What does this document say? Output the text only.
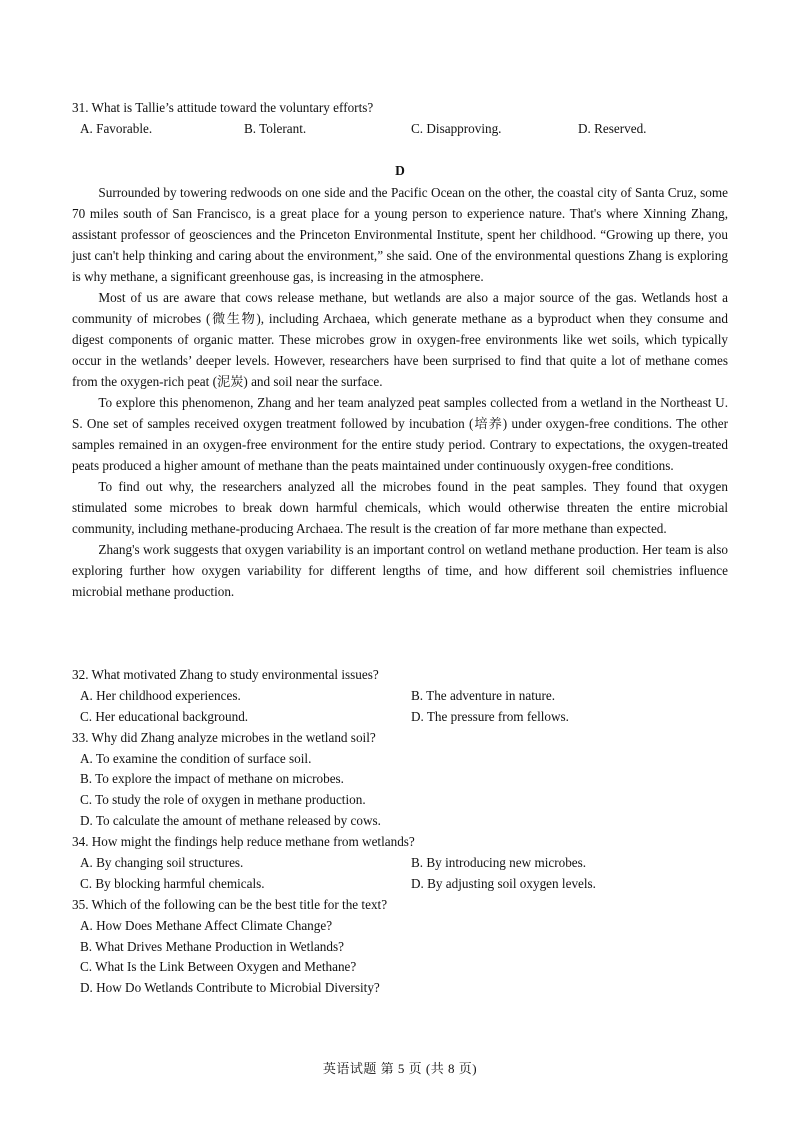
31. What is Tallie’s attitude toward the voluntary efforts?
A. Favorable.	B. Tolerant.	C. Disapproving.	D. Reserved.
D

Surrounded by towering redwoods on one side and the Pacific Ocean on the other, the coastal city of Santa Cruz, some 70 miles south of San Francisco, is a great place for a young person to experience nature. That's where Xinning Zhang, assistant professor of geosciences and the Princeton Environmental Institute, spent her childhood. “Growing up there, you just can't help thinking and caring about the environment,” she said. One of the environmental questions Zhang is exploring is why methane, a significant greenhouse gas, is increasing in the atmosphere.

Most of us are aware that cows release methane, but wetlands are also a major source of the gas. Wetlands host a community of microbes (微生物), including Archaea, which generate methane as a byproduct when they consume and digest components of organic matter. These microbes grow in oxygen-free environments like wet soils, which typically occur in the wetlands’ deeper levels. However, researchers have been surprised to find that quite a lot of methane comes from the oxygen-rich peat (泥炭) and soil near the surface.

To explore this phenomenon, Zhang and her team analyzed peat samples collected from a wetland in the Northeast U. S. One set of samples received oxygen treatment followed by incubation (培养) under oxygen-free conditions. The other samples remained in an oxygen-free environment for the entire study period. Contrary to expectations, the oxygen-treated peats produced a higher amount of methane than the peats maintained under continuously oxygen-free conditions.

To find out why, the researchers analyzed all the microbes found in the peat samples. They found that oxygen stimulated some microbes to break down harmful chemicals, which would otherwise threaten the entire microbial community, including methane-producing Archaea. The result is the creation of far more methane than expected.

Zhang's work suggests that oxygen variability is an important control on wetland methane production. Her team is also exploring further how oxygen variability for different lengths of time, and how different soil chemistries influence microbial methane production.

32. What motivated Zhang to study environmental issues?
A. Her childhood experiences.	B. The adventure in nature.
C. Her educational background.	D. The pressure from fellows.
33. Why did Zhang analyze microbes in the wetland soil?
A. To examine the condition of surface soil.
B. To explore the impact of methane on microbes.
C. To study the role of oxygen in methane production.
D. To calculate the amount of methane released by cows.
34. How might the findings help reduce methane from wetlands?
A. By changing soil structures.	B. By introducing new microbes.
C. By blocking harmful chemicals.	D. By adjusting soil oxygen levels.
35. Which of the following can be the best title for the text?
A. How Does Methane Affect Climate Change?
B. What Drives Methane Production in Wetlands?
C. What Is the Link Between Oxygen and Methane?
D. How Do Wetlands Contribute to Microbial Diversity?
英语试题 第 5 页 (共 8 页)
